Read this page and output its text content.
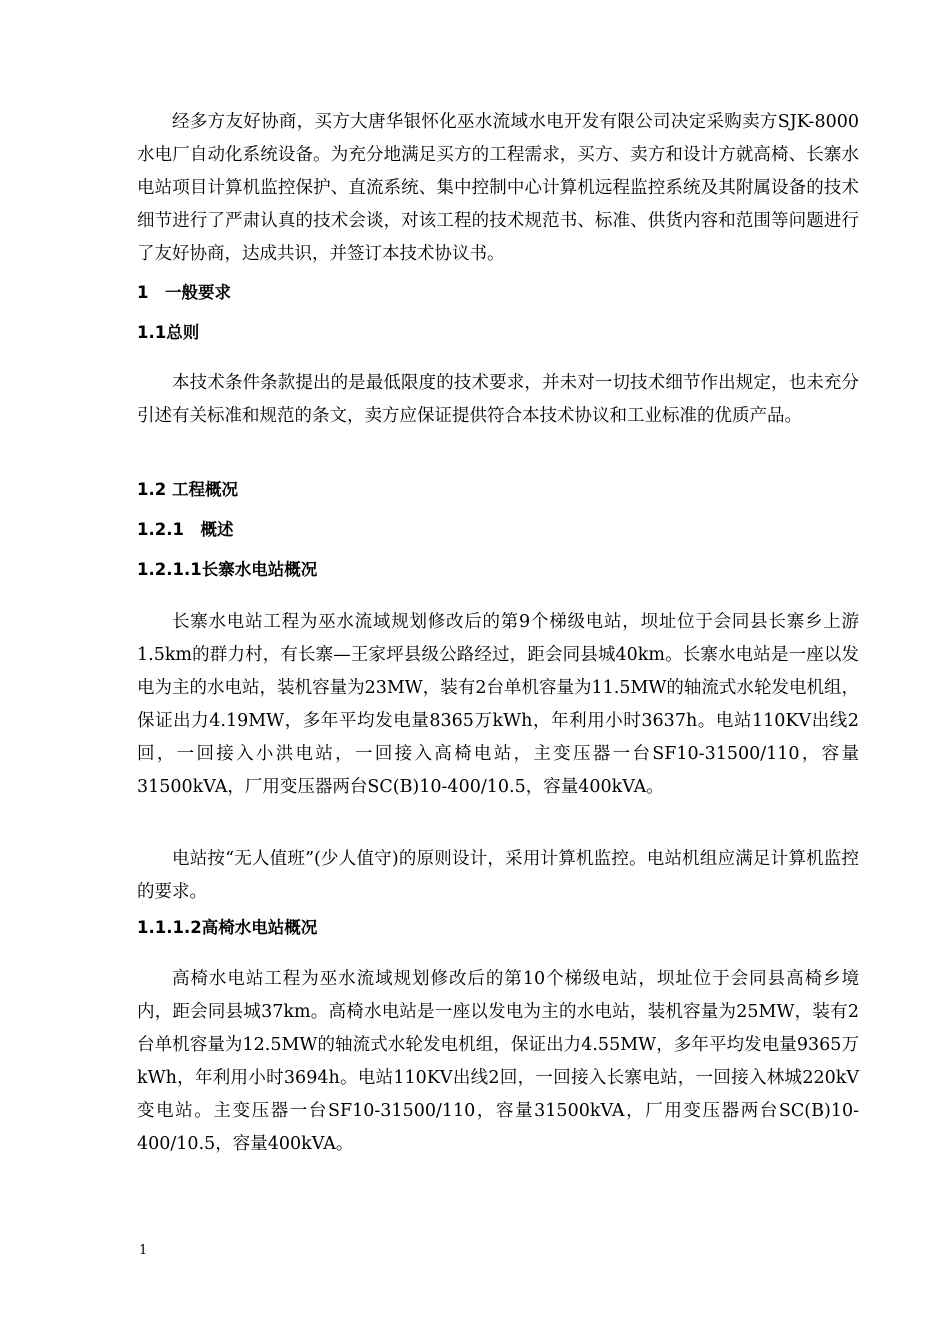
经多方友好协商，买方大唐华银怀化巫水流域水电开发有限公司决定采购卖方SJK-8000水电厂自动化系统设备。为充分地满足买方的工程需求，买方、卖方和设计方就高椅、长寨水电站项目计算机监控保护、直流系统、集中控制中心计算机远程监控系统及其附属设备的技术细节进行了严肃认真的技术会谈，对该工程的技术规范书、标准、供货内容和范围等问题进行了友好协商，达成共识，并签订本技术协议书。

1　一般要求
1.1总则

本技术条件条款提出的是最低限度的技术要求，并未对一切技术细节作出规定，也未充分引述有关标准和规范的条文，卖方应保证提供符合本技术协议和工业标准的优质产品。

1.2 工程概况
1.2.1　概述
1.2.1.1长寨水电站概况

长寨水电站工程为巫水流域规划修改后的第9个梯级电站，坝址位于会同县长寨乡上游1.5km的群力村，有长寨—王家坪县级公路经过，距会同县城40km。长寨水电站是一座以发电为主的水电站，装机容量为23MW，装有2台单机容量为11.5MW的轴流式水轮发电机组，保证出力4.19MW，多年平均发电量8365万kWh，年利用小时3637h。电站110KV出线2回，一回接入小洪电站，一回接入高椅电站，主变压器一台SF10-31500/110，容量31500kVA，厂用变压器两台SC(B)10-400/10.5，容量400kVA。

电站按“无人值班”(少人值守)的原则设计，采用计算机监控。电站机组应满足计算机监控的要求。

1.1.1.2高椅水电站概况

高椅水电站工程为巫水流域规划修改后的第10个梯级电站，坝址位于会同县高椅乡境内，距会同县城37km。高椅水电站是一座以发电为主的水电站，装机容量为25MW，装有2台单机容量为12.5MW的轴流式水轮发电机组，保证出力4.55MW，多年平均发电量9365万kWh，年利用小时3694h。电站110KV出线2回，一回接入长寨电站，一回接入林城220kV变电站。主变压器一台SF10-31500/110，容量31500kVA，厂用变压器两台SC(B)10-400/10.5，容量400kVA。

1
